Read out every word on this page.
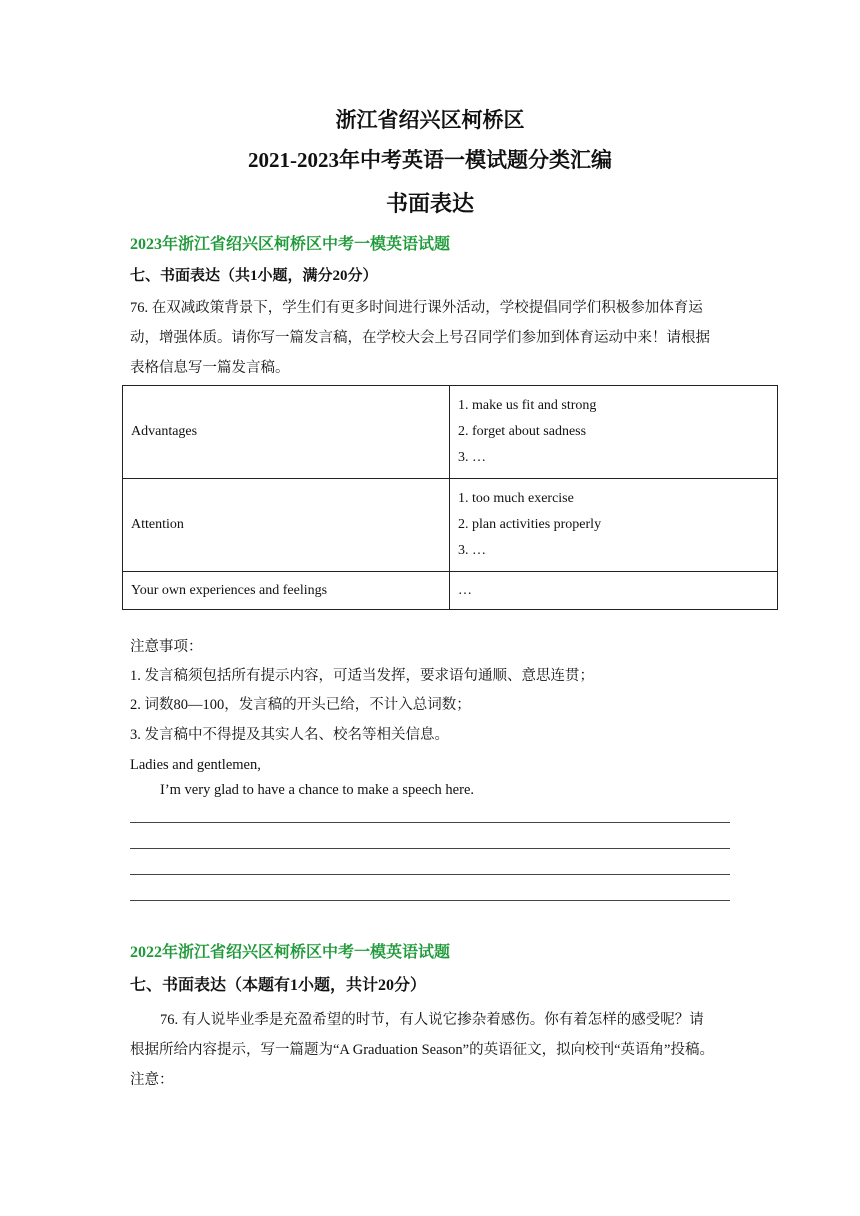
浙江省绍兴区柯桥区
2021-2023年中考英语一模试题分类汇编
书面表达
2023年浙江省绍兴区柯桥区中考一模英语试题
七、书面表达（共1小题，满分20分）
76. 在双减政策背景下，学生们有更多时间进行课外活动，学校提倡同学们积极参加体育运
动，增强体质。请你写一篇发言稿，在学校大会上号召同学们参加到体育运动中来！请根据
表格信息写一篇发言稿。
Advantages	1. make us fit and strong
2. forget about sadness
3. …

Attention	1. too much exercise
2. plan activities properly
3. …

Your own experiences and feelings	…
注意事项：
1. 发言稿须包括所有提示内容，可适当发挥，要求语句通顺、意思连贯；
2. 词数80—100，发言稿的开头已给，不计入总词数；
3. 发言稿中不得提及其实人名、校名等相关信息。
Ladies and gentlemen,
I’m very glad to have a chance to make a speech here.
2022年浙江省绍兴区柯桥区中考一模英语试题
七、书面表达（本题有1小题，共计20分）
76. 有人说毕业季是充盈希望的时节，有人说它掺杂着感伤。你有着怎样的感受呢？请
根据所给内容提示，写一篇题为“A Graduation Season”的英语征文，拟向校刊“英语角”投稿。
注意：
